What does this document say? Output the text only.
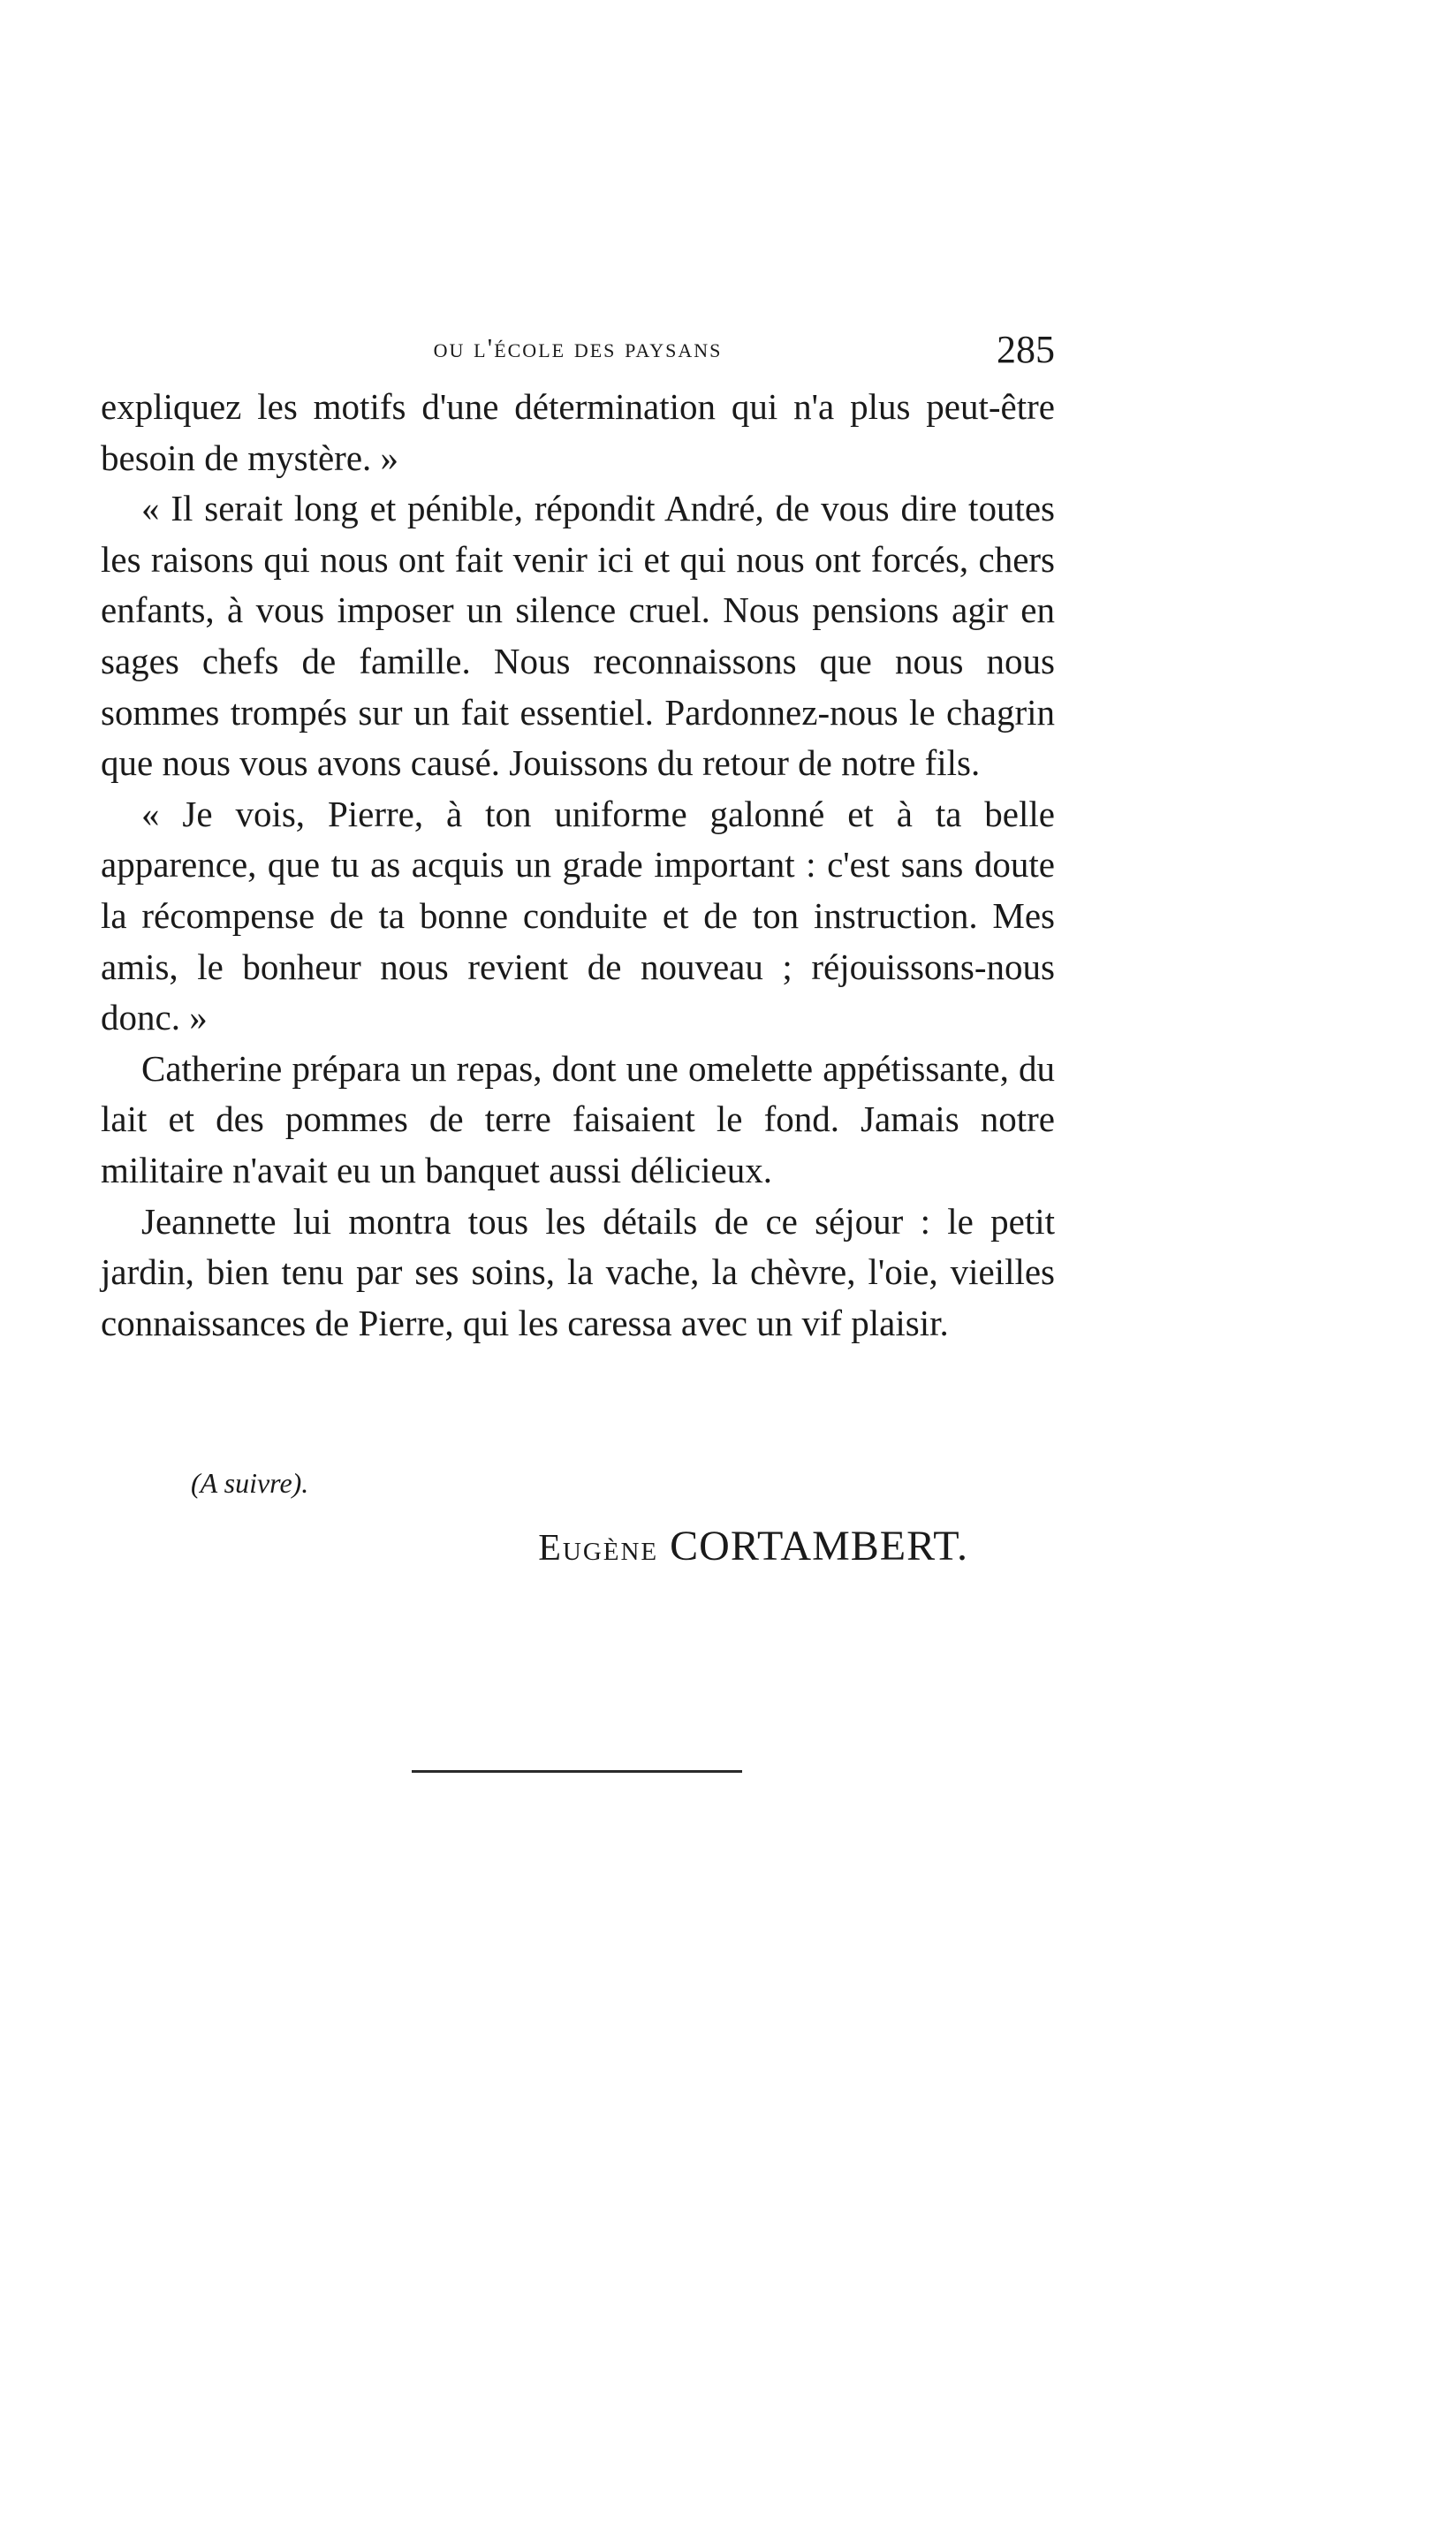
ou l'école des paysans	285

expliquez les motifs d'une détermination qui n'a plus peut-être besoin de mystère. »

« Il serait long et pénible, répondit André, de vous dire toutes les raisons qui nous ont fait venir ici et qui nous ont forcés, chers enfants, à vous imposer un silence cruel. Nous pensions agir en sages chefs de famille. Nous reconnaissons que nous nous sommes trompés sur un fait essentiel. Pardonnez-nous le chagrin que nous vous avons causé. Jouissons du retour de notre fils.

« Je vois, Pierre, à ton uniforme galonné et à ta belle apparence, que tu as acquis un grade important : c'est sans doute la récompense de ta bonne conduite et de ton instruction. Mes amis, le bonheur nous revient de nouveau ; réjouissons-nous donc. »

Catherine prépara un repas, dont une omelette appétissante, du lait et des pommes de terre faisaient le fond. Jamais notre militaire n'avait eu un banquet aussi délicieux.

Jeannette lui montra tous les détails de ce séjour : le petit jardin, bien tenu par ses soins, la vache, la chèvre, l'oie, vieilles connaissances de Pierre, qui les caressa avec un vif plaisir.

(A suivre).
Eugène CORTAMBERT.
